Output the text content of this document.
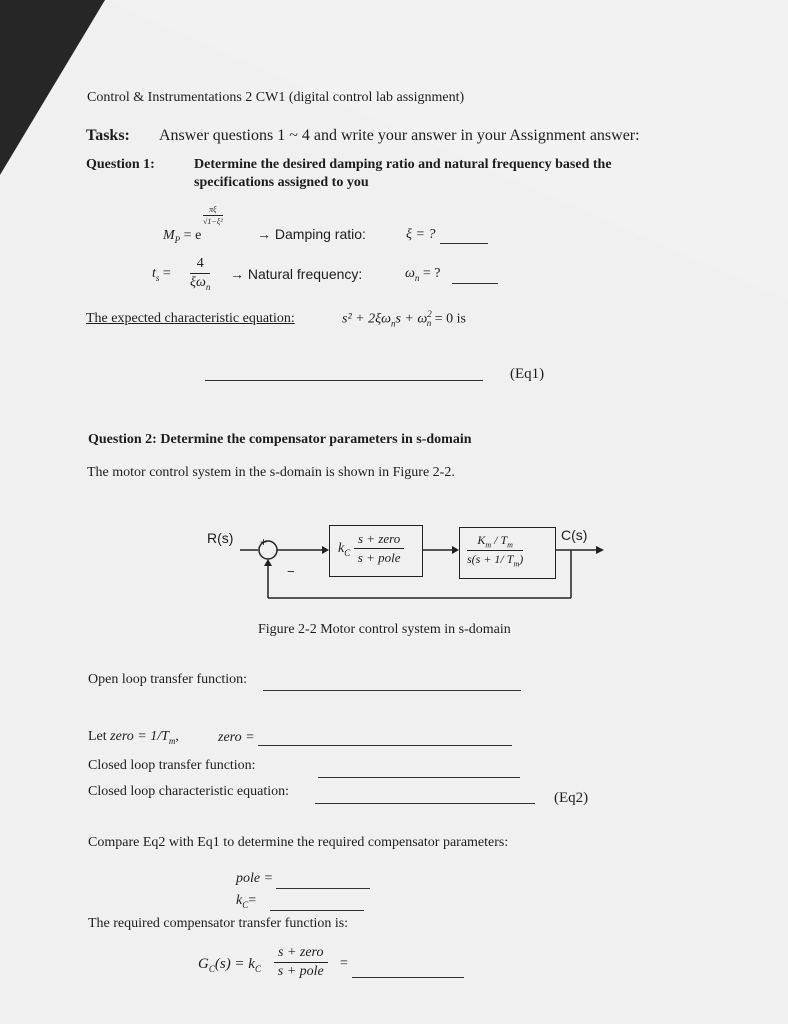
Control & Instrumentations 2 CW1 (digital control lab assignment)
Tasks: Answer questions 1 ~ 4 and write your answer in your Assignment answer:
Question 1:	Determine the desired damping ratio and natural frequency based the
specifications assigned to you
$M_P = e$
$\frac{\pi\xi}{\text{√1−ξ²}}$
→ Damping ratio:	ξ = ?
$t_s$ =
4
$\xi\omega_n$
→ Natural frequency:	$\omega_n$ = ?
The expected characteristic equation:	$s^2 + 2\xi\omega_ns + \omega^2_n = 0$ is
(Eq1)
Question 2: Determine the compensator parameters in s-domain
The motor control system in the s-domain is shown in Figure 2-2.
R(s) +
−
C(s)
$k_C$
s + zero
s + pole	$\frac{K_m / T_m}{s(s + 1/ T_m)}$
Figure 2-2 Motor control system in s-domain
Open loop transfer function:
Let zero = $1/T_m$,	zero =
Closed loop transfer function:
Closed loop characteristic equation:	(Eq2)
Compare Eq2 with Eq1 to determine the required compensator parameters:
pole =
$k_C=$
The required compensator transfer function is:
$G_C(s) = k_C$
s + zero
s + pole
=
